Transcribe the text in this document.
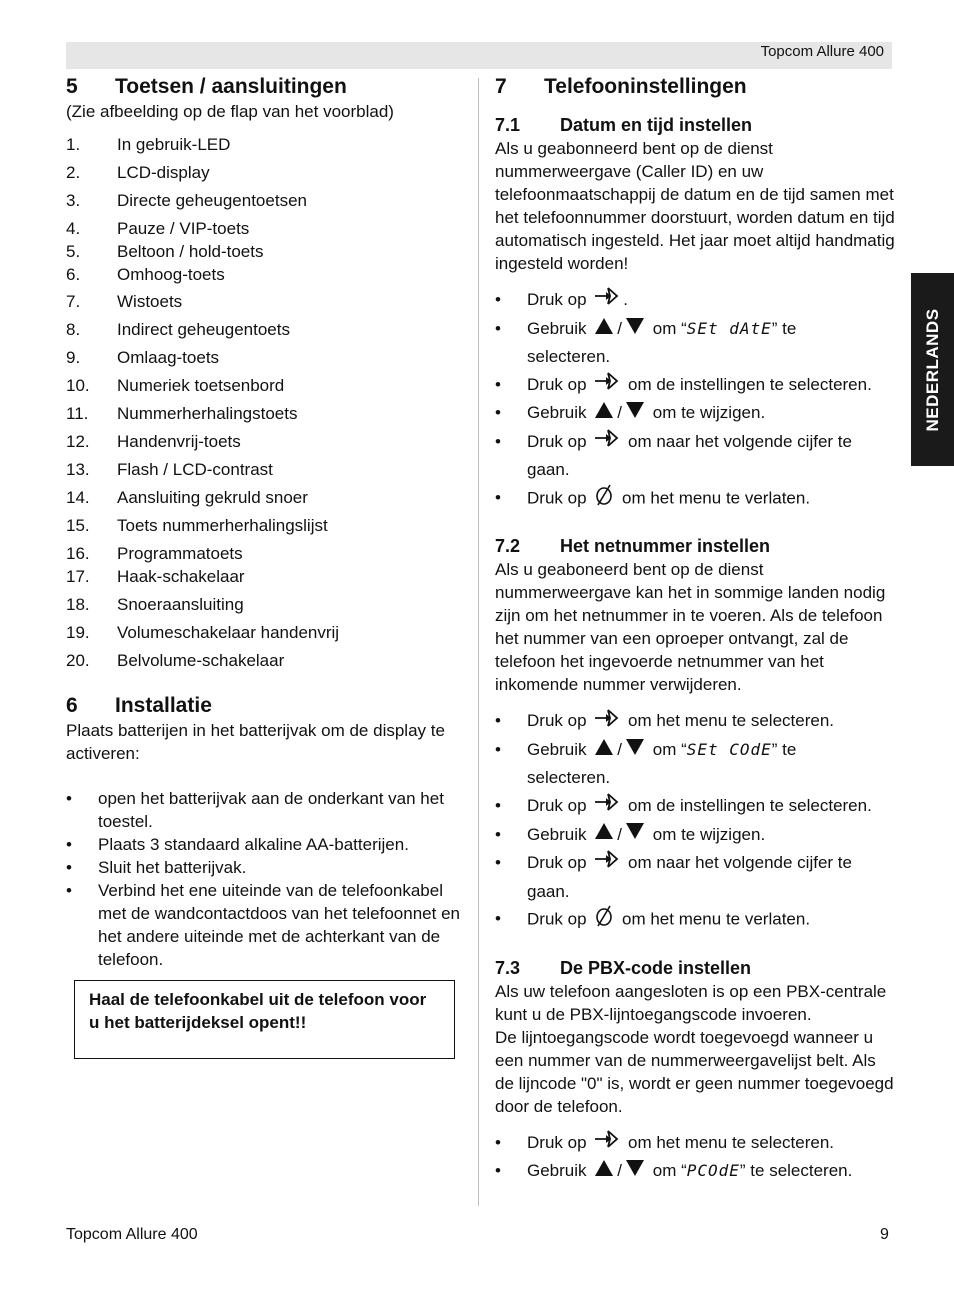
Topcom Allure 400
NEDERLANDS
5	Toetsen / aansluitingen

(Zie afbeelding op de flap van het voorblad)

1.	In gebruik-LED
2.	LCD-display
3.	Directe geheugentoetsen
4.	Pauze / VIP-toets
5.	Beltoon / hold-toets
6.	Omhoog-toets
7.	Wistoets
8.	Indirect geheugentoets
9.	Omlaag-toets
10.	Numeriek toetsenbord
11.	Nummerherhalingstoets
12.	Handenvrij-toets
13.	Flash / LCD-contrast
14.	Aansluiting gekruld snoer
15.	Toets nummerherhalingslijst
16.	Programmatoets
17.	Haak-schakelaar
18.	Snoeraansluiting
19.	Volumeschakelaar handenvrij
20.	Belvolume-schakelaar
6	Installatie

Plaats batterijen in het batterijvak om de display te activeren:

• open het batterijvak aan de onderkant van het toestel.
• Plaats 3 standaard alkaline AA-batterijen.
• Sluit het batterijvak.
• Verbind het ene uiteinde van de telefoonkabel met de wandcontactdoos van het telefoonnet en het andere uiteinde met de achterkant van de telefoon.
Haal de telefoonkabel uit de telefoon voor u het batterijdeksel opent!!
7	Telefooninstellingen
7.1	Datum en tijd instellen

Als u geabonneerd bent op de dienst nummerweergave (Caller ID) en uw telefoonmaatschappij de datum en de tijd samen met het telefoonnummer doorstuurt, worden datum en tijd automatisch ingesteld. Het jaar moet altijd handmatig ingesteld worden!

• Druk op .
• Gebruik / om “SEt dAtE” te
selecteren.
• Druk op om de instellingen te selecteren.
• Gebruik / om te wijzigen.
• Druk op om naar het volgende cijfer te gaan.
• Druk op om het menu te verlaten.
7.2	Het netnummer instellen

Als u geaboneerd bent op de dienst nummerweergave kan het in sommige landen nodig zijn om het netnummer in te voeren. Als de telefoon het nummer van een oproeper ontvangt, zal de telefoon het ingevoerde netnummer van het inkomende nummer verwijderen.

• Druk op om het menu te selecteren.
• Gebruik / om “SEt COdE” te
selecteren.
• Druk op om de instellingen te selecteren.
• Gebruik / om te wijzigen.
• Druk op om naar het volgende cijfer te gaan.
• Druk op om het menu te verlaten.
7.3	De PBX-code instellen

Als uw telefoon aangesloten is op een PBX-centrale kunt u de PBX-lijntoegangscode invoeren.

De lijntoegangscode wordt toegevoegd wanneer u een nummer van de nummerweergavelijst belt. Als de lijncode "0" is, wordt er geen nummer toegevoegd door de telefoon.

• Druk op om het menu te selecteren.
• Gebruik / om “PCOdE” te selecteren.
Topcom Allure 400	9
